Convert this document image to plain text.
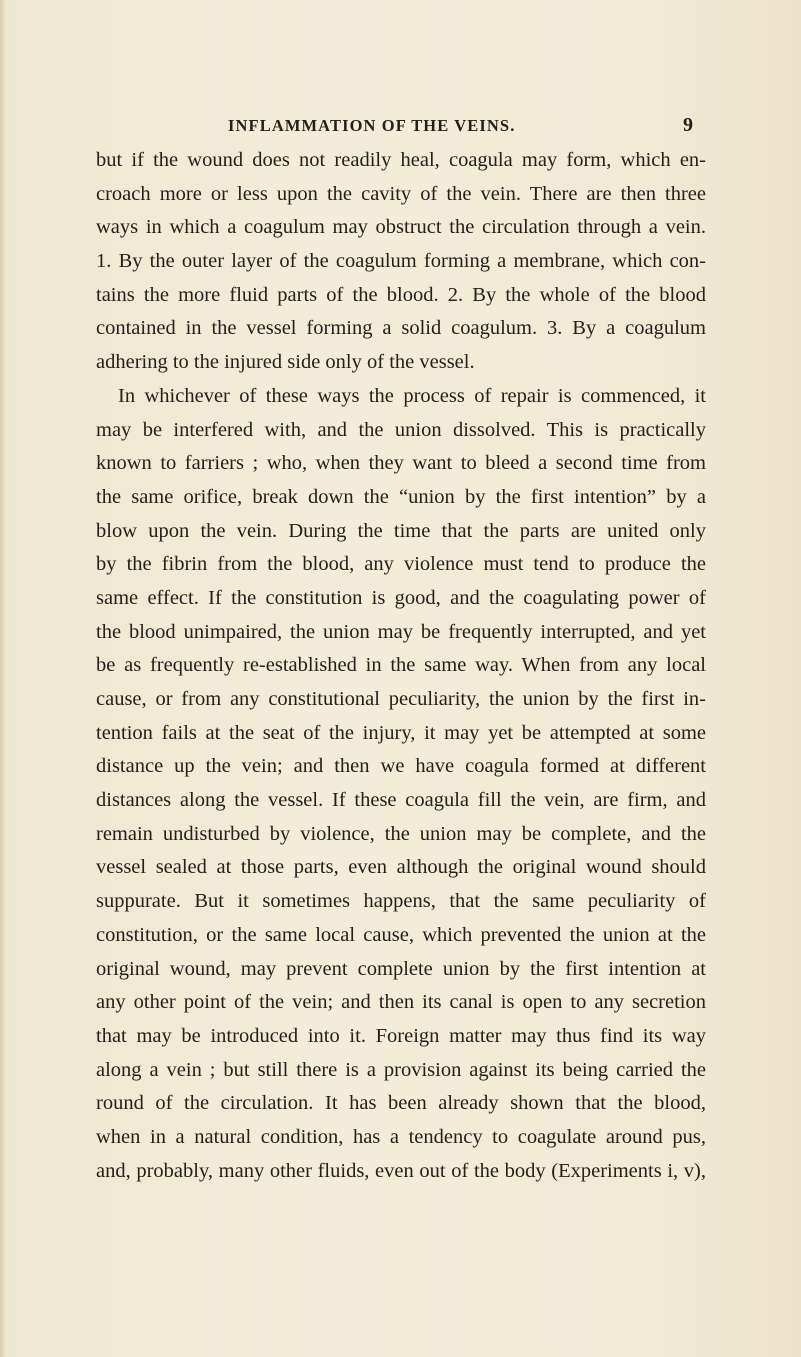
INFLAMMATION OF THE VEINS.	9
but if the wound does not readily heal, coagula may form, which en-
croach more or less upon the cavity of the vein. There are then three
ways in which a coagulum may obstruct the circulation through a vein.
1. By the outer layer of the coagulum forming a membrane, which con-
tains the more fluid parts of the blood. 2. By the whole of the blood
contained in the vessel forming a solid coagulum. 3. By a coagulum
adhering to the injured side only of the vessel.
In whichever of these ways the process of repair is commenced, it
may be interfered with, and the union dissolved. This is practically
known to farriers ; who, when they want to bleed a second time from
the same orifice, break down the “union by the first intention” by a
blow upon the vein. During the time that the parts are united only
by the fibrin from the blood, any violence must tend to produce the
same effect. If the constitution is good, and the coagulating power of
the blood unimpaired, the union may be frequently interrupted, and yet
be as frequently re-established in the same way. When from any local
cause, or from any constitutional peculiarity, the union by the first in-
tention fails at the seat of the injury, it may yet be attempted at some
distance up the vein; and then we have coagula formed at different
distances along the vessel. If these coagula fill the vein, are firm, and
remain undisturbed by violence, the union may be complete, and the
vessel sealed at those parts, even although the original wound should
suppurate. But it sometimes happens, that the same peculiarity of
constitution, or the same local cause, which prevented the union at the
original wound, may prevent complete union by the first intention at
any other point of the vein; and then its canal is open to any secretion
that may be introduced into it. Foreign matter may thus find its way
along a vein ; but still there is a provision against its being carried the
round of the circulation. It has been already shown that the blood,
when in a natural condition, has a tendency to coagulate around pus,
and, probably, many other fluids, even out of the body (Experiments i, v),
